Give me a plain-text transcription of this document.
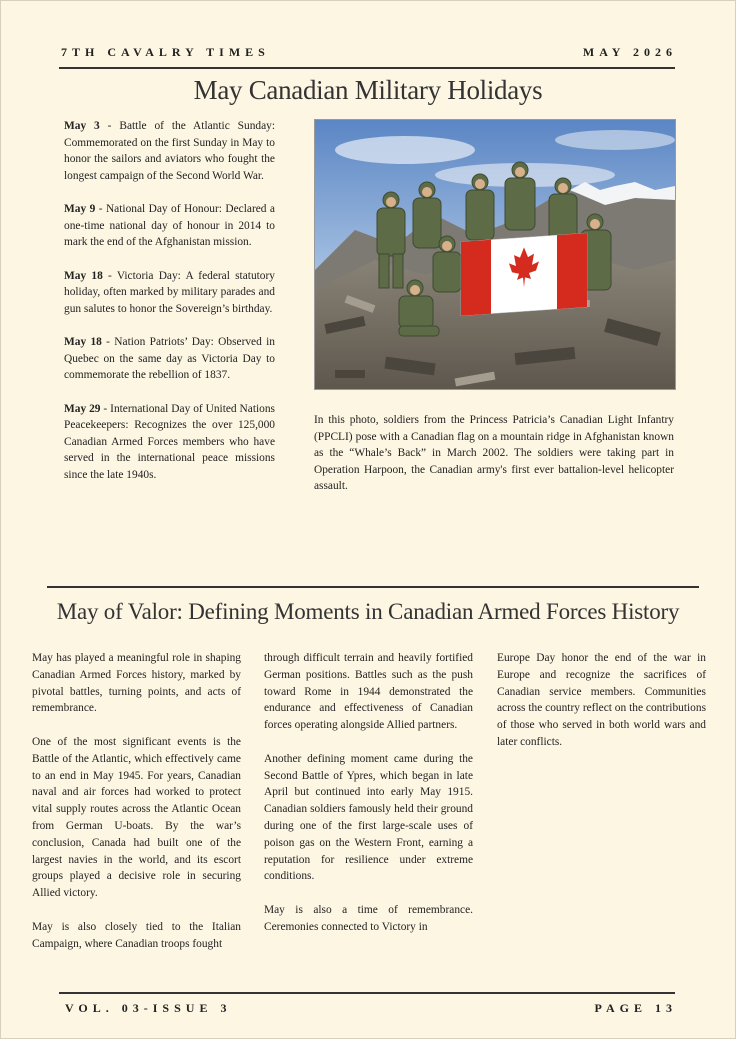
7TH CAVALRY TIMES	MAY 2026
May Canadian Military Holidays

May 3 - Battle of the Atlantic Sunday: Commemorated on the first Sunday in May to honor the sailors and aviators who fought the longest campaign of the Second World War.

May 9 - National Day of Honour: Declared a one-time national day of honour in 2014 to mark the end of the Afghanistan mission.

May 18 - Victoria Day: A federal statutory holiday, often marked by military parades and gun salutes to honor the Sovereign’s birthday.

May 18 - Nation Patriots’ Day: Observed in Quebec on the same day as Victoria Day to commemorate the rebellion of 1837.

May 29 - International Day of United Nations Peacekeepers: Recognizes the over 125,000 Canadian Armed Forces members who have served in the international peace missions since the late 1940s.

In this photo, soldiers from the Princess Patricia’s Canadian Light Infantry (PPCLI) pose with a Canadian flag on a mountain ridge in Afghanistan known as the “Whale’s Back” in March 2002. The soldiers were taking part in Operation Harpoon, the Canadian army's first ever battalion-level helicopter assault.

May of Valor: Defining Moments in Canadian Armed Forces History

May has played a meaningful role in shaping Canadian Armed Forces history, marked by pivotal battles, turning points, and acts of remembrance.

One of the most significant events is the Battle of the Atlantic, which effectively came to an end in May 1945. For years, Canadian naval and air forces had worked to protect vital supply routes across the Atlantic Ocean from German U-boats. By the war’s conclusion, Canada had built one of the largest navies in the world, and its escort groups played a decisive role in securing Allied victory.

May is also closely tied to the Italian Campaign, where Canadian troops fought

through difficult terrain and heavily fortified German positions. Battles such as the push toward Rome in 1944 demonstrated the endurance and effectiveness of Canadian forces operating alongside Allied partners.

Another defining moment came during the Second Battle of Ypres, which began in late April but continued into early May 1915. Canadian soldiers famously held their ground during one of the first large-scale uses of poison gas on the Western Front, earning a reputation for resilience under extreme conditions.

May is also a time of remembrance. Ceremonies connected to Victory in

Europe Day honor the end of the war in Europe and recognize the sacrifices of Canadian service members. Communities across the country reflect on the contributions of those who served in both world wars and later conflicts.

VOL. 03-ISSUE 3	PAGE 13
